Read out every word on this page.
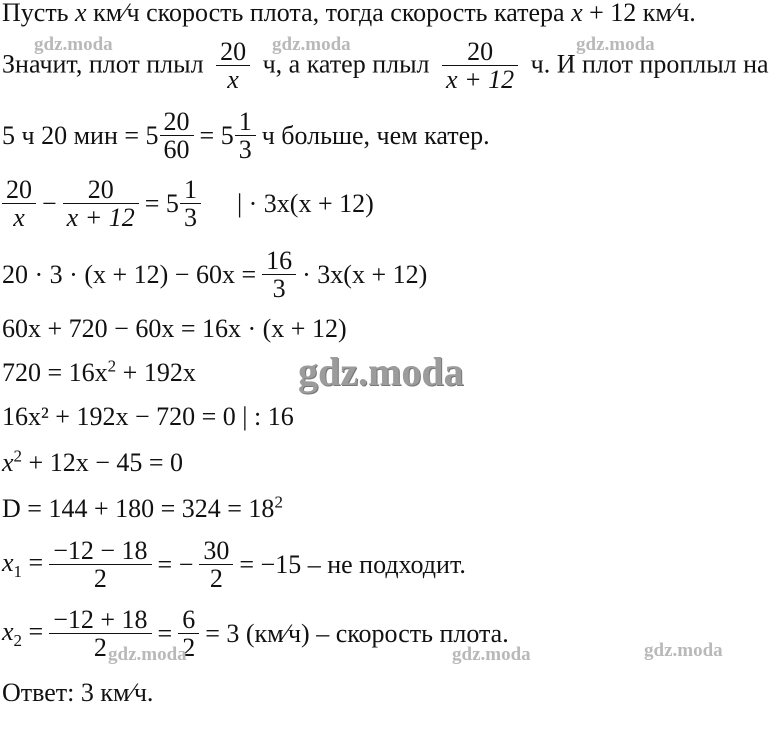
Пусть x км⁄ч скорость плота, тогда скорость катера x + 12 км⁄ч.
Значит, плот плыл $\frac{20}{x} ч$, а катер плыл $\frac{20}{x + 12} ч$. И плот проплыл на
5 ч 20 мин = $5 \frac{20}{60} = 5 \frac{1}{3}$ ч больше, чем катер.
$\frac{20}{x} - \frac{20}{x + 12} = 5 \frac{1}{3}$ | · 3x(x + 12)
$20 \cdot 3 \cdot (x + 12) - 60x = \frac{16}{3} \cdot 3x(x + 12)$
60x + 720 − 60x = 16x · (x + 12)
$720 = 16x^2 + 192x$
16x² + 192x − 720 = 0 | : 16
$x^2 + 12x - 45 = 0$
$D = 144 + 180 = 324 = 18^2$
$x_1 = \frac{-12 - 18}{2}$ = − $\frac{30}{2} = -15$ – не подходит.
$x_2 = \frac{-12 + 18}{2} = \frac{6}{2} = 3$ (км⁄ч) – скорость плота.
Ответ: 3 км⁄ч.
gdz.moda	gdz.moda	gdz.moda
gdz.moda
gdz.moda	gdz.moda	gdz.moda
